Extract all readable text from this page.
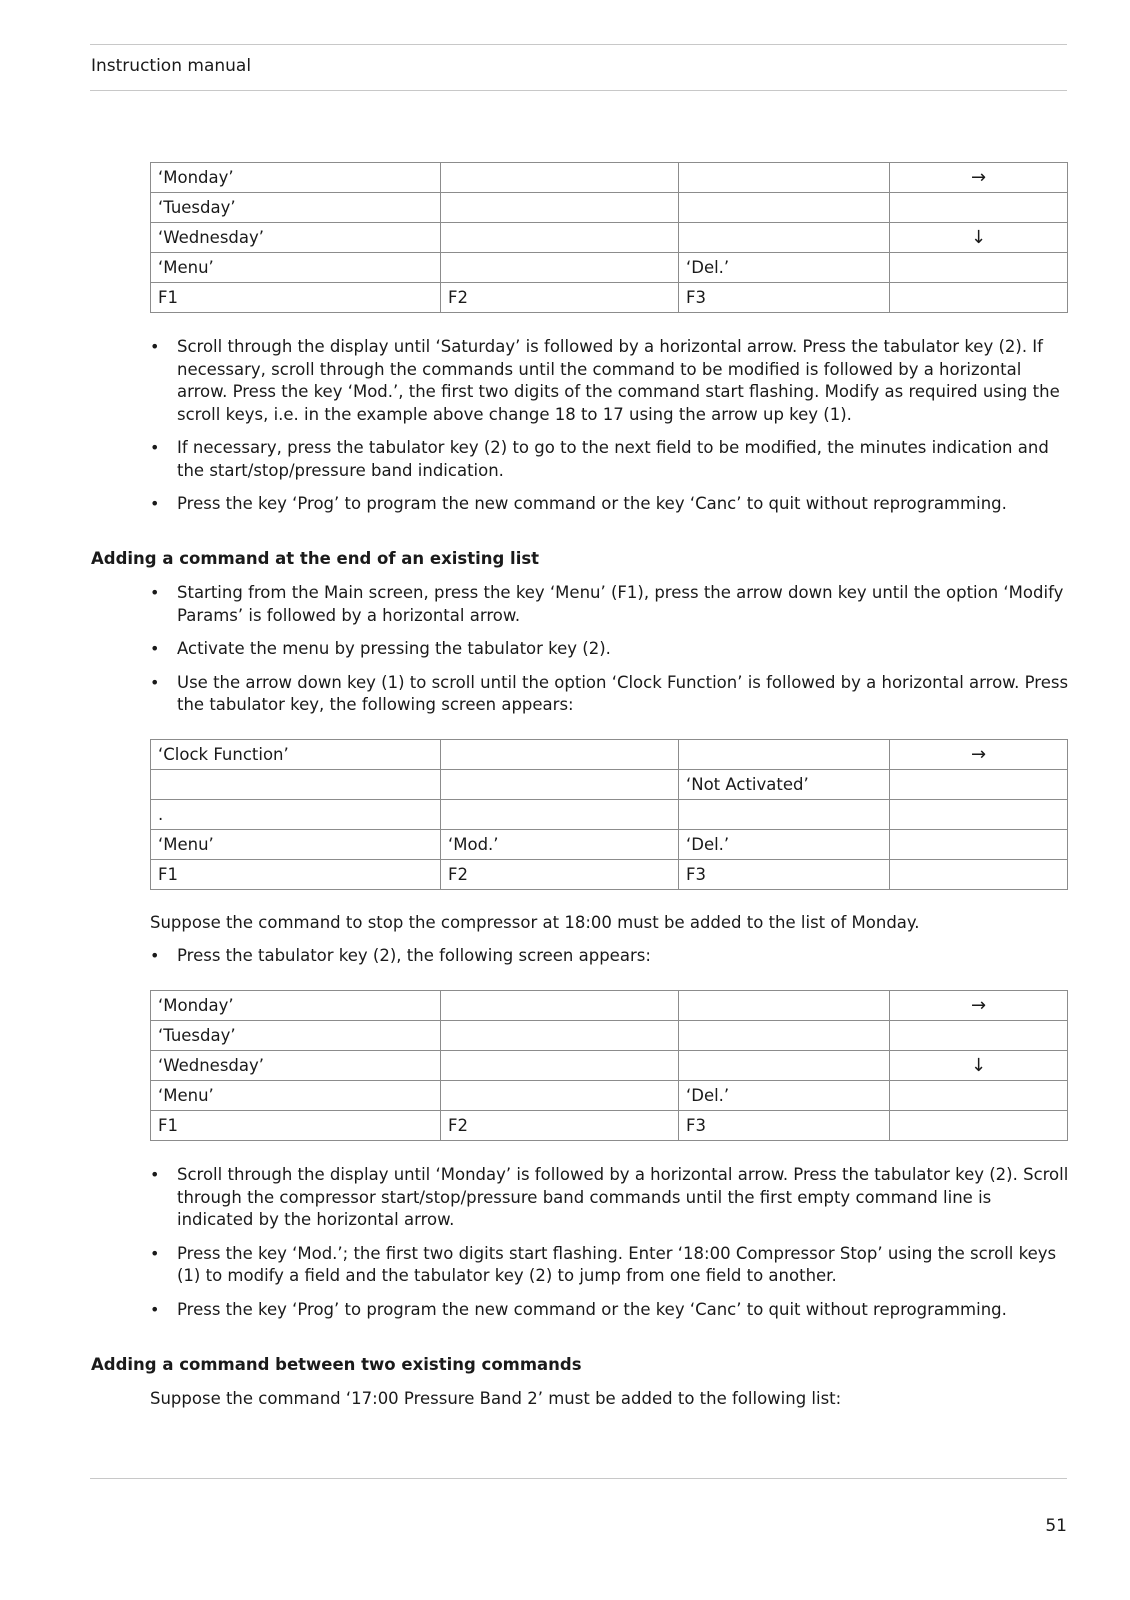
Instruction manual
‘Monday’			→
‘Tuesday’			
‘Wednesday’			↓
‘Menu’		‘Del.’	
F1	F2	F3	
• Scroll through the display until ‘Saturday’ is followed by a horizontal arrow. Press the tabulator key (2). If necessary, scroll through the commands until the command to be modified is followed by a horizontal arrow. Press the key ‘Mod.’, the first two digits of the command start flashing. Modify as required using the scroll keys, i.e. in the example above change 18 to 17 using the arrow up key (1).
• If necessary, press the tabulator key (2) to go to the next field to be modified, the minutes indication and the start/stop/pressure band indication.
• Press the key ‘Prog’ to program the new command or the key ‘Canc’ to quit without reprogramming.
Adding a command at the end of an existing list
• Starting from the Main screen, press the key ‘Menu’ (F1), press the arrow down key until the option ‘Modify Params’ is followed by a horizontal arrow.
• Activate the menu by pressing the tabulator key (2).
• Use the arrow down key (1) to scroll until the option ‘Clock Function’ is followed by a horizontal arrow. Press the tabulator key, the following screen appears:
‘Clock Function’			→
		‘Not Activated’	
.			
‘Menu’	‘Mod.’	‘Del.’	
F1	F2	F3	
Suppose the command to stop the compressor at 18:00 must be added to the list of Monday.
• Press the tabulator key (2), the following screen appears:
‘Monday’			→
‘Tuesday’			
‘Wednesday’			↓
‘Menu’		‘Del.’	
F1	F2	F3	
• Scroll through the display until ‘Monday’ is followed by a horizontal arrow. Press the tabulator key (2). Scroll through the compressor start/stop/pressure band commands until the first empty command line is indicated by the horizontal arrow.
• Press the key ‘Mod.’; the first two digits start flashing. Enter ‘18:00 Compressor Stop’ using the scroll keys (1) to modify a field and the tabulator key (2) to jump from one field to another.
• Press the key ‘Prog’ to program the new command or the key ‘Canc’ to quit without reprogramming.
Adding a command between two existing commands
Suppose the command ‘17:00 Pressure Band 2’ must be added to the following list:
51
